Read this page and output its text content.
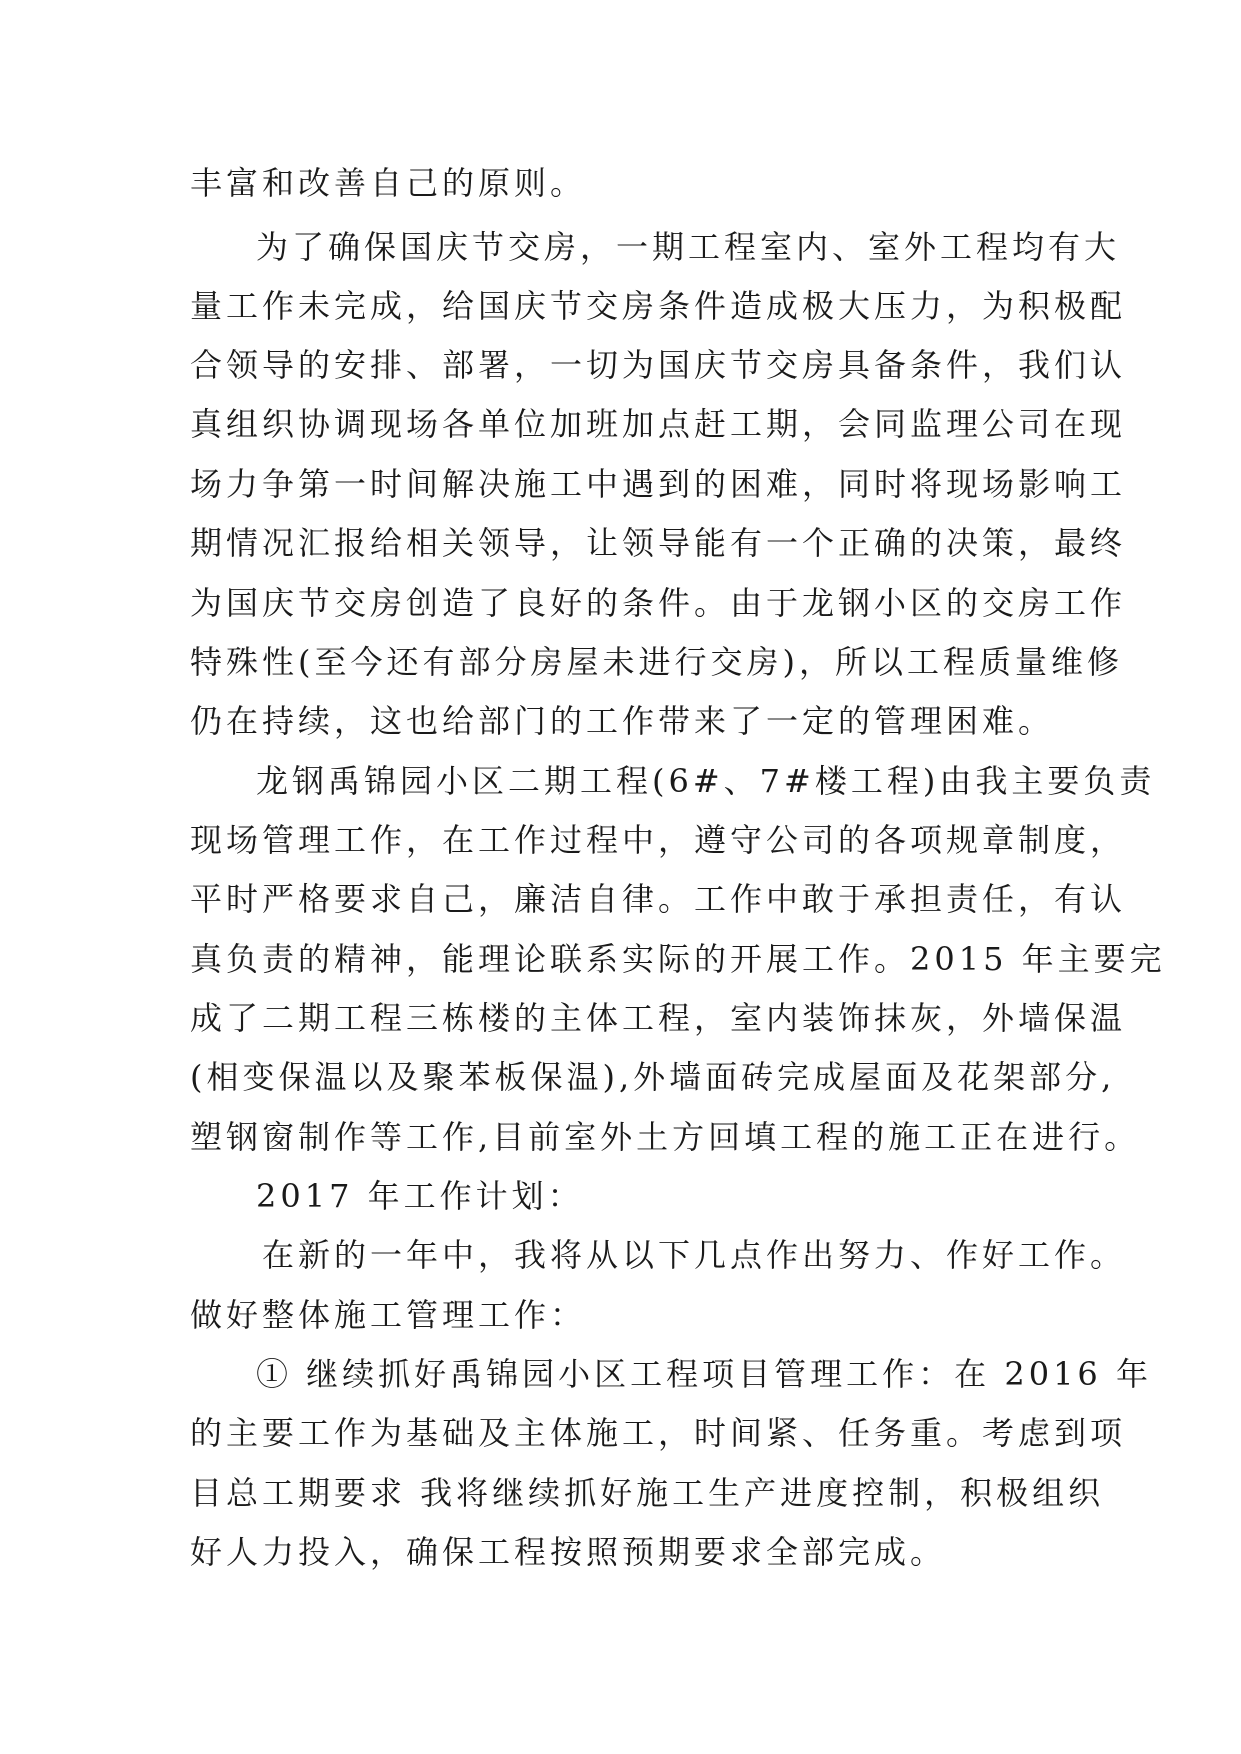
丰富和改善自己的原则。
为了确保国庆节交房，一期工程室内、室外工程均有大
量工作未完成，给国庆节交房条件造成极大压力，为积极配
合领导的安排、部署，一切为国庆节交房具备条件，我们认
真组织协调现场各单位加班加点赶工期，会同监理公司在现
场力争第一时间解决施工中遇到的困难，同时将现场影响工
期情况汇报给相关领导，让领导能有一个正确的决策，最终
为国庆节交房创造了良好的条件。由于龙钢小区的交房工作
特殊性(至今还有部分房屋未进行交房)，所以工程质量维修
仍在持续，这也给部门的工作带来了一定的管理困难。
龙钢禹锦园小区二期工程(6#、7#楼工程)由我主要负责
现场管理工作，在工作过程中，遵守公司的各项规章制度，
平时严格要求自己，廉洁自律。工作中敢于承担责任，有认
真负责的精神，能理论联系实际的开展工作。2015 年主要完
成了二期工程三栋楼的主体工程，室内装饰抹灰，外墙保温
(相变保温以及聚苯板保温),外墙面砖完成屋面及花架部分,
塑钢窗制作等工作,目前室外土方回填工程的施工正在进行。
2017 年工作计划：
在新的一年中，我将从以下几点作出努力、作好工作。
做好整体施工管理工作：
① 继续抓好禹锦园小区工程项目管理工作：在 2016 年
的主要工作为基础及主体施工，时间紧、任务重。考虑到项
目总工期要求 我将继续抓好施工生产进度控制，积极组织
好人力投入，确保工程按照预期要求全部完成。
